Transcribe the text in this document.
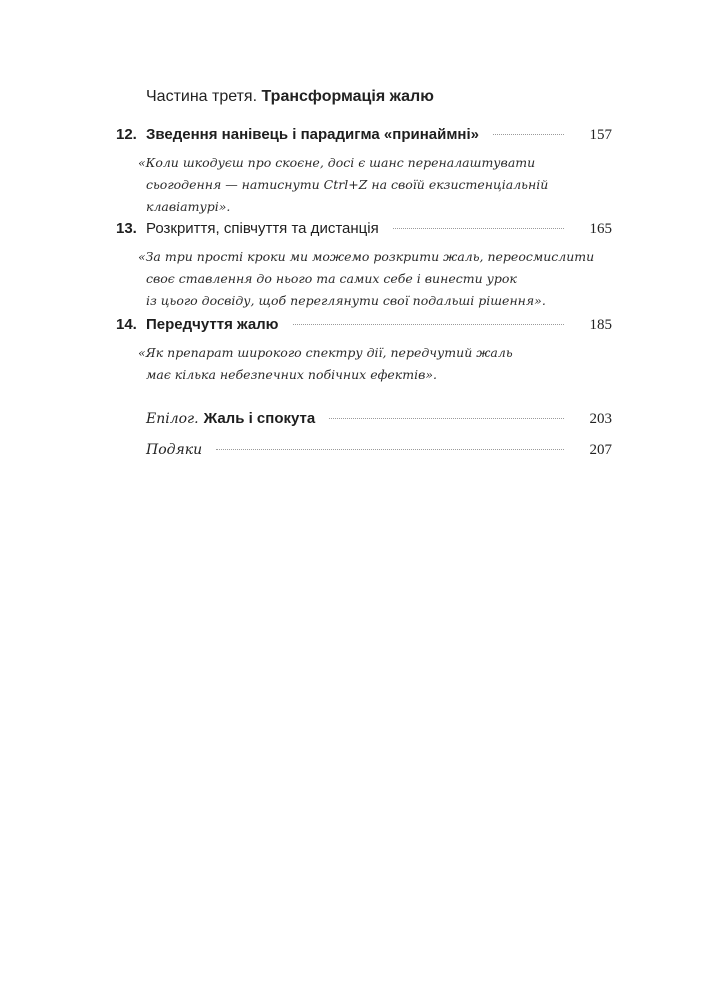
Частина третя. Трансформація жалю
12. Зведення нанівець і парадигма «принаймні»	157
«Коли шкодуєш про скоєне, досі є шанс переналаштувати
сьогодення — натиснути Ctrl+Z на своїй екзистенціальній
клавіатурі».
13. Розкриття, співчуття та дистанція	165
«За три прості кроки ми можемо розкрити жаль, переосмислити
своє ставлення до нього та самих себе і винести урок
із цього досвіду, щоб переглянути свої подальші рішення».
14. Передчуття жалю	185
«Як препарат широкого спектру дії, передчутий жаль
має кілька небезпечних побічних ефектів».
Епілог. Жаль і спокута	203
Подяки	207
